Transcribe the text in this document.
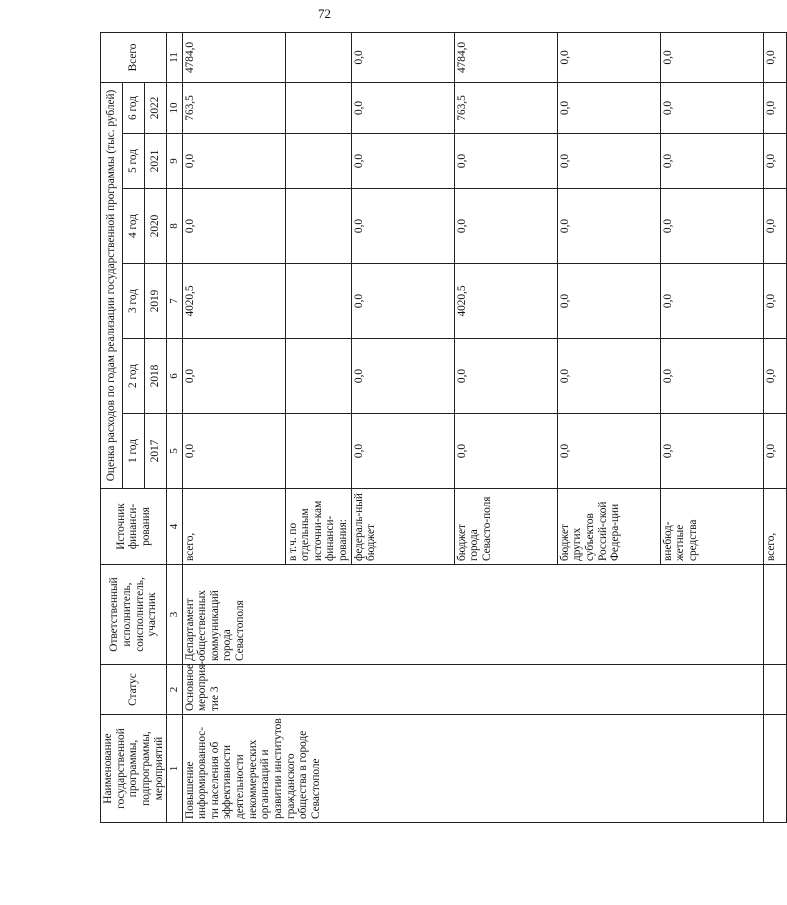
72
Наименование государственной программы, подпрограммы, мероприятий	Статус	Ответственный исполнитель, соисполнитель, участник	Источник финанси-рования	Оценка расходов по годам реализации государственной программы (тыс. рублей)						Всего
				1 год	2 год	3 год	4 год	5 год	6 год	
				2017	2018	2019	2020	2021	2022	
1	2	3	4	5	6	7	8	9	10	11
Повышение информированнос-ти населения об эффективности деятельности некоммерческих организаций и развитии институтов гражданского общества в городе Севастополе	Основное мероприя-тие 3	Департамент общественных коммуникаций города Севастополя	всего,	0,0	0,0	4020,5	0,0	0,0	763,5	4784,0
			в т.ч. по отдельным источни-кам финанси-рования:							
			федераль-ный бюджет	0,0	0,0	0,0	0,0	0,0	0,0	0,0
			бюджет города Севасто-поля	0,0	0,0	4020,5	0,0	0,0	763,5	4784,0
			бюджет других субъектов Россий-ской Федера-ции	0,0	0,0	0,0	0,0	0,0	0,0	0,0
			внебюд-жетные средства	0,0	0,0	0,0	0,0	0,0	0,0	0,0
			всего,	0,0	0,0	0,0	0,0	0,0	0,0	0,0
